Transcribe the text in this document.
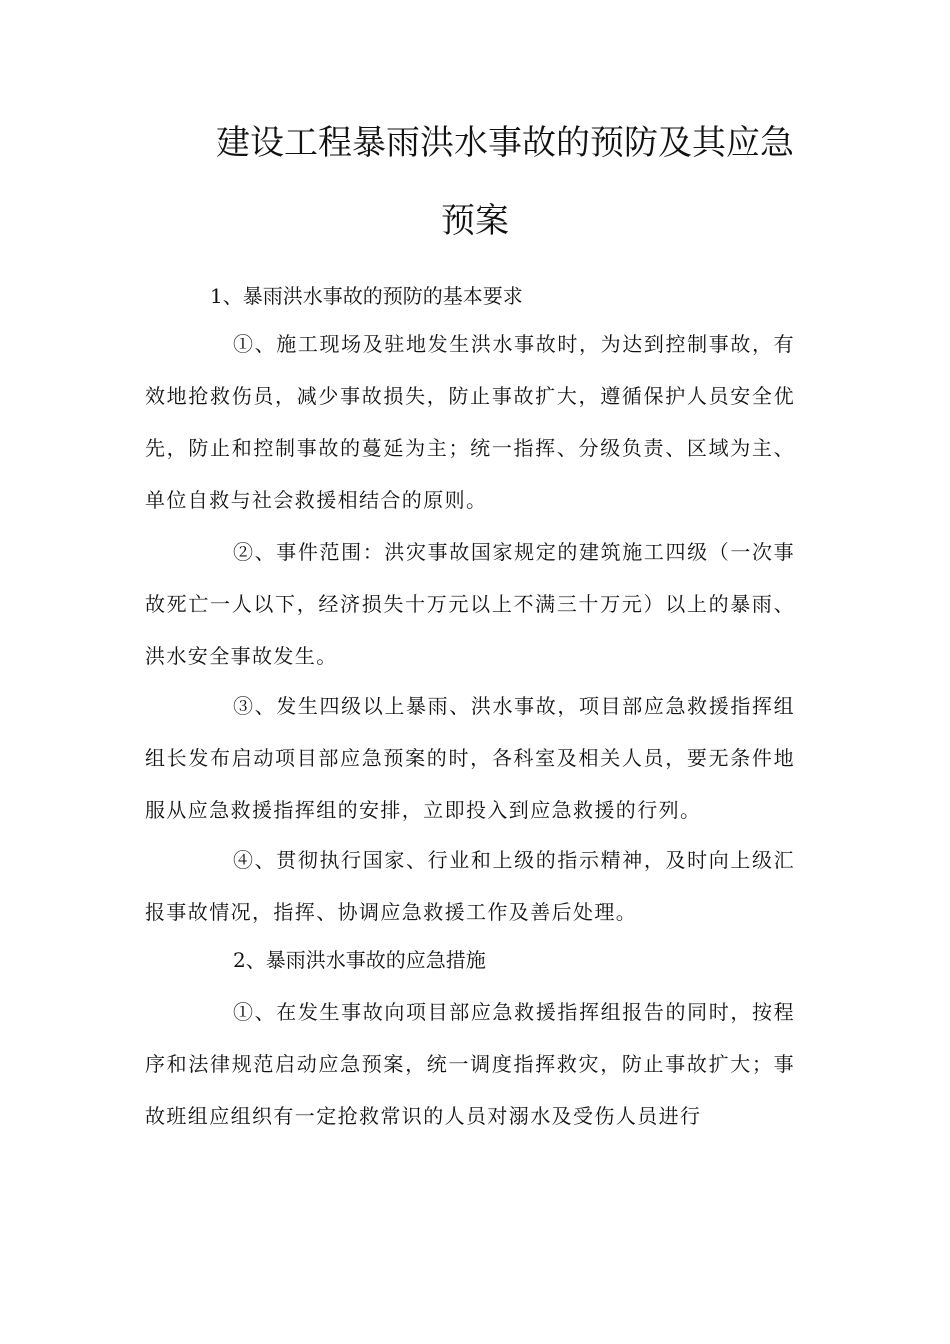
建设工程暴雨洪水事故的预防及其应急
预案
1、暴雨洪水事故的预防的基本要求
①、施工现场及驻地发生洪水事故时，为达到控制事故，有效地抢救伤员，减少事故损失，防止事故扩大，遵循保护人员安全优先，防止和控制事故的蔓延为主；统一指挥、分级负责、区域为主、单位自救与社会救援相结合的原则。
②、事件范围：洪灾事故国家规定的建筑施工四级（一次事故死亡一人以下，经济损失十万元以上不满三十万元）以上的暴雨、洪水安全事故发生。
③、发生四级以上暴雨、洪水事故，项目部应急救援指挥组组长发布启动项目部应急预案的时，各科室及相关人员，要无条件地服从应急救援指挥组的安排，立即投入到应急救援的行列。
④、贯彻执行国家、行业和上级的指示精神，及时向上级汇报事故情况，指挥、协调应急救援工作及善后处理。
2、暴雨洪水事故的应急措施
①、在发生事故向项目部应急救援指挥组报告的同时，按程序和法律规范启动应急预案，统一调度指挥救灾，防止事故扩大；事故班组应组织有一定抢救常识的人员对溺水及受伤人员进行
